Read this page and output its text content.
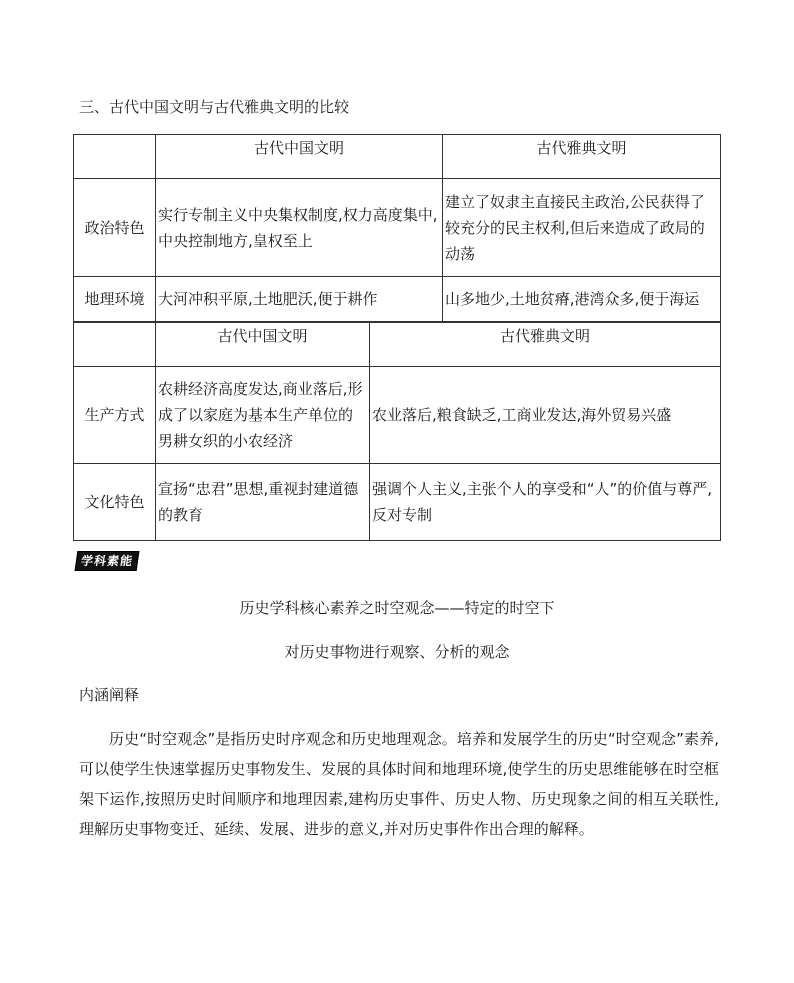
三、古代中国文明与古代雅典文明的比较
	古代中国文明	古代雅典文明
政治特色	实行专制主义中央集权制度,权力高度集中,中央控制地方,皇权至上	建立了奴隶主直接民主政治,公民获得了较充分的民主权利,但后来造成了政局的动荡
地理环境	大河冲积平原,土地肥沃,便于耕作	山多地少,土地贫瘠,港湾众多,便于海运
	古代中国文明	古代雅典文明
生产方式	农耕经济高度发达,商业落后,形成了以家庭为基本生产单位的男耕女织的小农经济	农业落后,粮食缺乏,工商业发达,海外贸易兴盛
文化特色	宣扬“忠君”思想,重视封建道德的教育	强调个人主义,主张个人的享受和“人”的价值与尊严,反对专制
学科素能
历史学科核心素养之时空观念——特定的时空下
对历史事物进行观察、分析的观念
内涵阐释

历史“时空观念”是指历史时序观念和历史地理观念。培养和发展学生的历史“时空观念”素养,可以使学生快速掌握历史事物发生、发展的具体时间和地理环境,使学生的历史思维能够在时空框架下运作,按照历史时间顺序和地理因素,建构历史事件、历史人物、历史现象之间的相互关联性,理解历史事物变迁、延续、发展、进步的意义,并对历史事件作出合理的解释。
